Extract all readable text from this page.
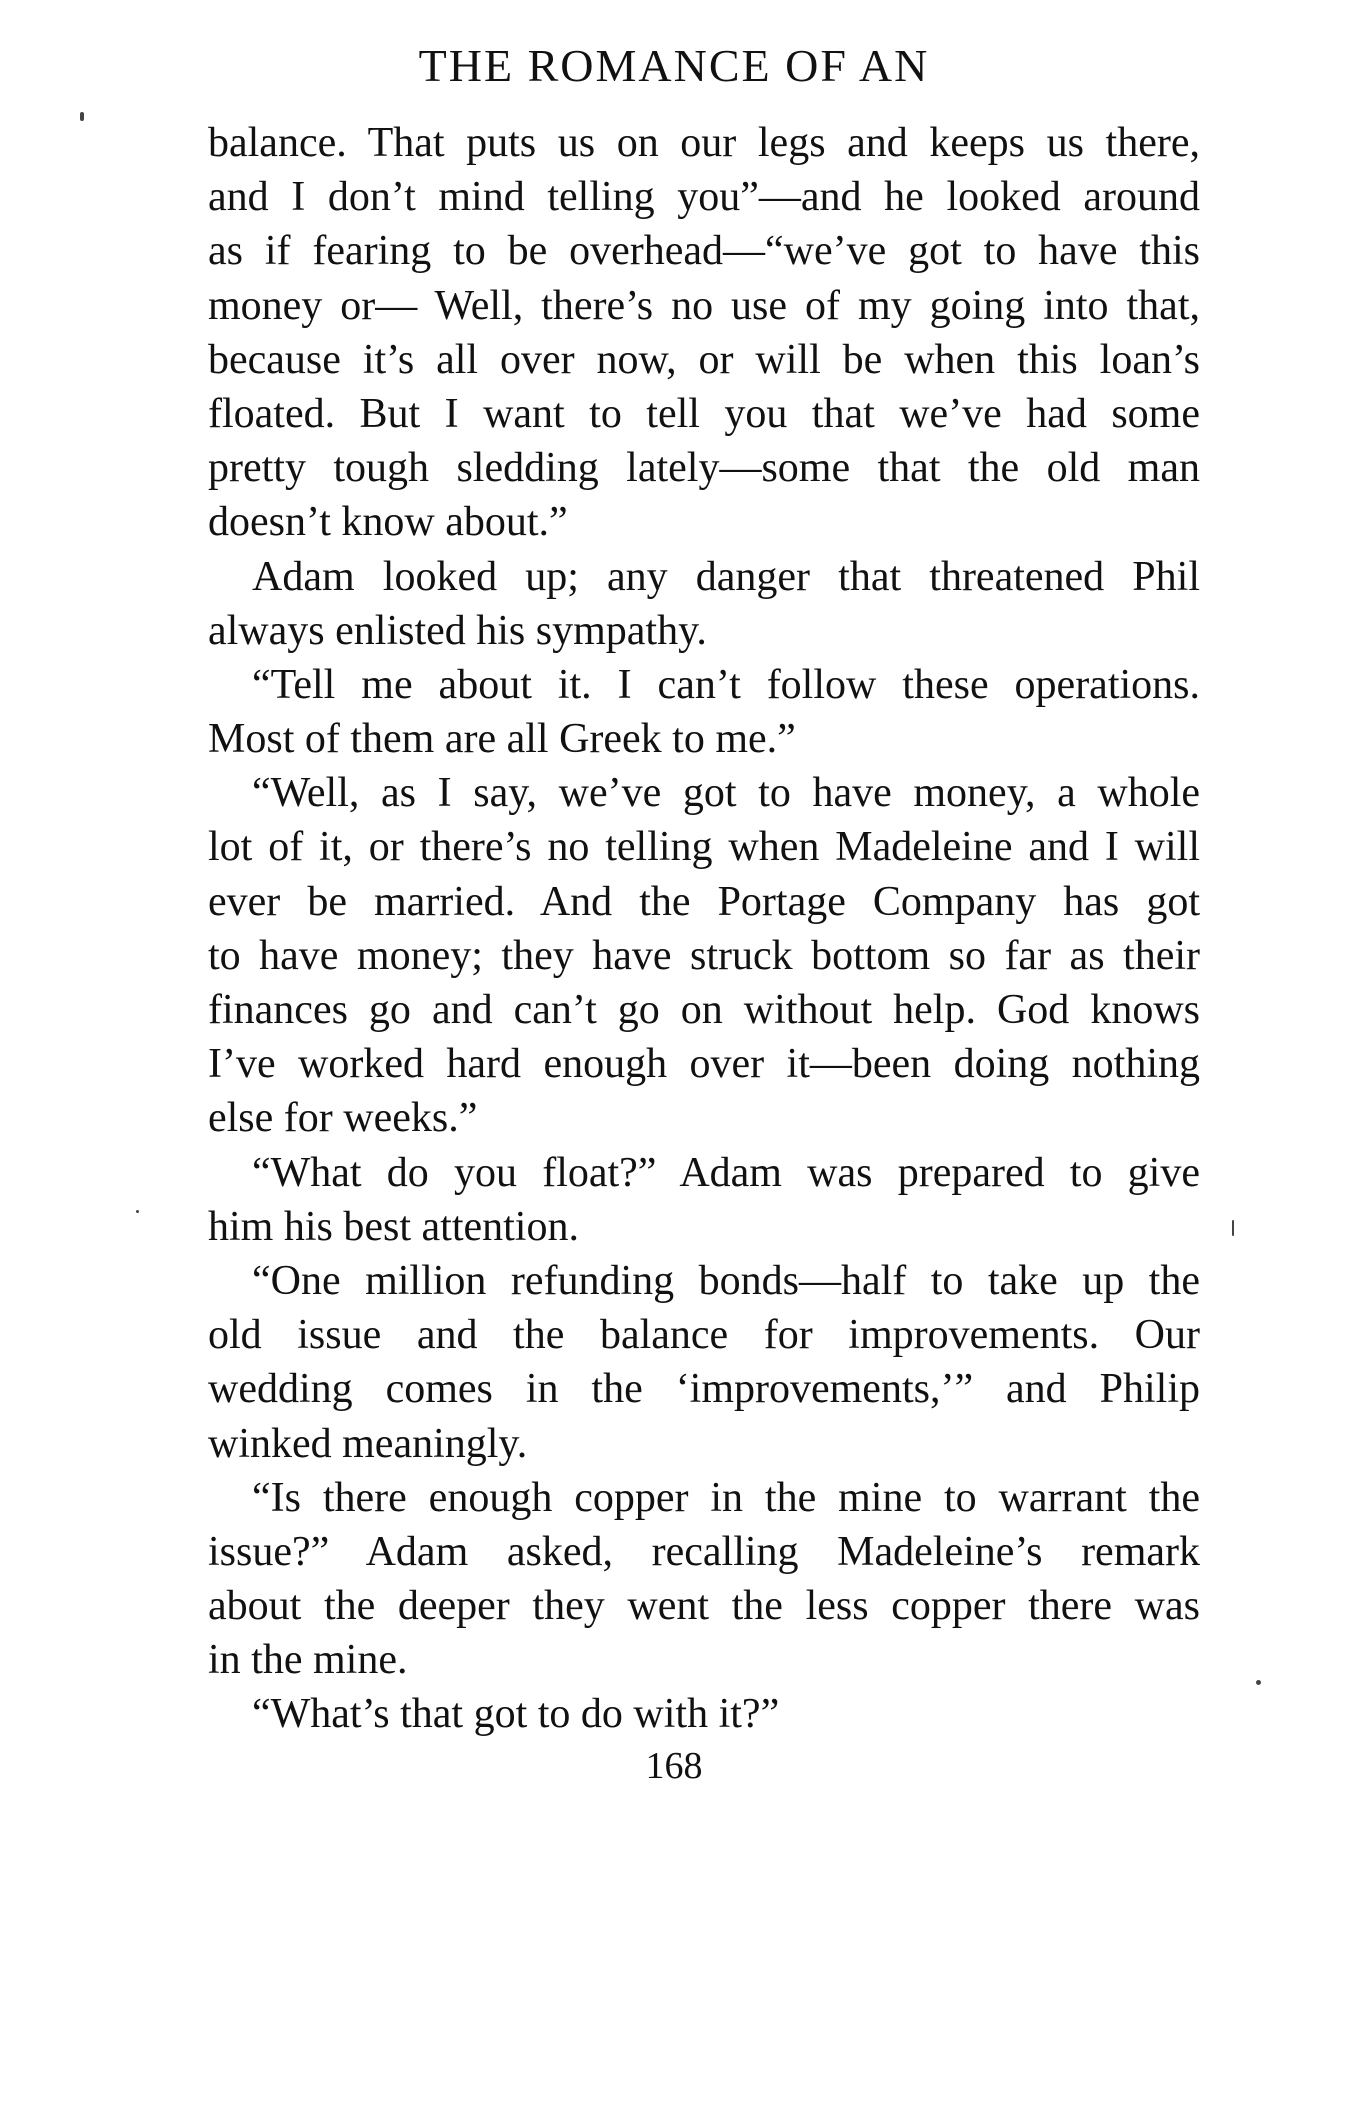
THE ROMANCE OF AN
balance. That puts us on our legs and keeps us there,
and I don’t mind telling you”—and he looked around
as if fearing to be overhead—“we’ve got to have this
money or— Well, there’s no use of my going into that,
because it’s all over now, or will be when this loan’s
floated. But I want to tell you that we’ve had some
pretty tough sledding lately—some that the old man
doesn’t know about.”
Adam looked up; any danger that threatened Phil
always enlisted his sympathy.
“Tell me about it. I can’t follow these operations.
Most of them are all Greek to me.”
“Well, as I say, we’ve got to have money, a whole
lot of it, or there’s no telling when Madeleine and I will
ever be married. And the Portage Company has got
to have money; they have struck bottom so far as their
finances go and can’t go on without help. God knows
I’ve worked hard enough over it—been doing nothing
else for weeks.”
“What do you float?” Adam was prepared to give
him his best attention.
“One million refunding bonds—half to take up the
old issue and the balance for improvements. Our
wedding comes in the ‘improvements,’” and Philip
winked meaningly.
“Is there enough copper in the mine to warrant the
issue?” Adam asked, recalling Madeleine’s remark
about the deeper they went the less copper there was
in the mine.
“What’s that got to do with it?”
168
